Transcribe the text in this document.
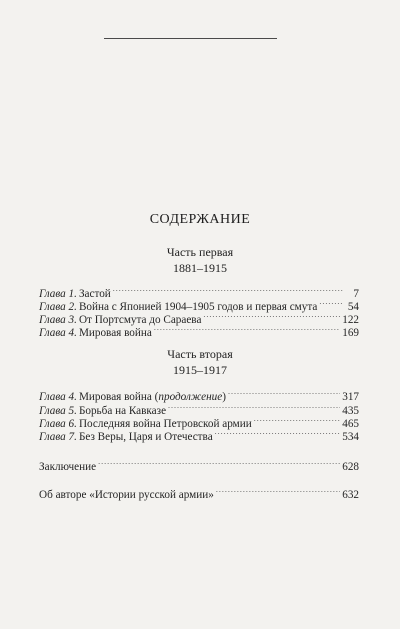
СОДЕРЖАНИЕ
Часть первая
1881–1915
Глава 1. Застой . . .	7
Глава 2. Война с Японией 1904–1905 годов и первая смута . . .	54
Глава 3. От Портсмута до Сараева . . .	122
Глава 4. Мировая война . . .	169
Часть вторая
1915–1917
Глава 4. Мировая война (продолжение) . . .	317
Глава 5. Борьба на Кавказе . . .	435
Глава 6. Последняя война Петровской армии . . .	465
Глава 7. Без Веры, Царя и Отечества . . .	534
Заключение . . .	628
Об авторе «Истории русской армии» . . .	632
